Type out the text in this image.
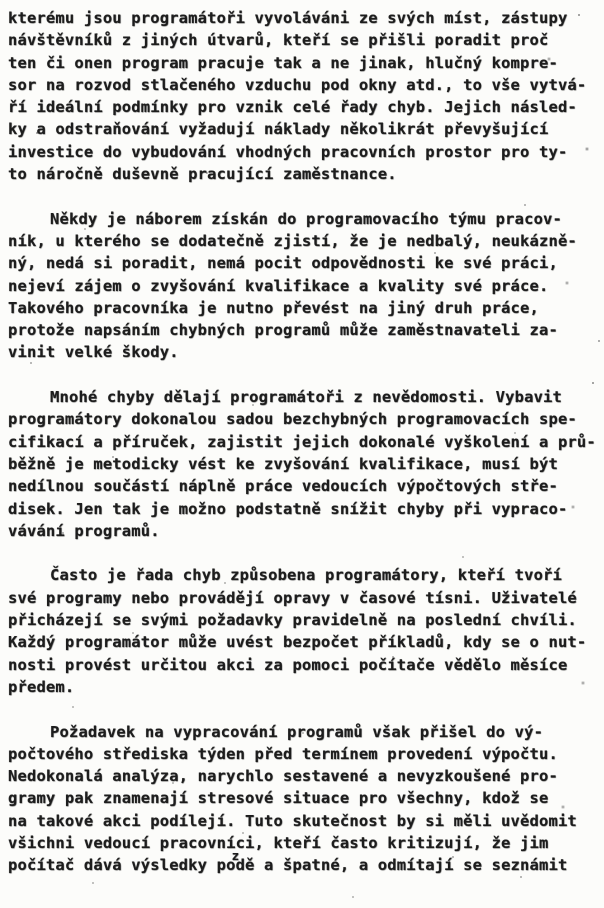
kterému jsou programátoři vyvoláváni ze svých míst, zástupy
návštěvníků z jiných útvarů, kteří se přišli poradit proč
ten či onen program pracuje tak a ne jinak, hlučný kompre-
sor na rozvod stlačeného vzduchu pod okny atd., to vše vytvá-
ří ideální podmínky pro vznik celé řady chyb. Jejich násled-
ky a odstraňování vyžadují náklady několikrát převyšující
investice do vybudování vhodných pracovních prostor pro ty-
to náročně duševně pracující zaměstnance.
Někdy je náborem získán do programovacího týmu pracov-
ník, u kterého se dodatečně zjistí, že je nedbalý, neukázně-
ný, nedá si poradit, nemá pocit odpovědnosti ke své práci,
nejeví zájem o zvyšování kvalifikace a kvality své práce.
Takového pracovníka je nutno převést na jiný druh práce,
protože napsáním chybných programů může zaměstnavateli za-
vinit velké škody.
Mnohé chyby dělají programátoři z nevědomosti. Vybavit
programátory dokonalou sadou bezchybných programovacích spe-
cifikací a příruček, zajistit jejich dokonalé vyškolení a prů-
běžně je metodicky vést ke zvyšování kvalifikace, musí být
nedílnou součástí náplně práce vedoucích výpočtových stře-
disek. Jen tak je možno podstatně snížit chyby při vypraco-
vávání programů.
Často je řada chyb způsobena programátory, kteří tvoří
své programy nebo provádějí opravy v časové tísni. Uživatelé
přicházejí se svými požadavky pravidelně na poslední chvíli.
Každý programátor může uvést bezpočet příkladů, kdy se o nut-
nosti provést určitou akci za pomoci počítače vědělo měsíce
předem.
Požadavek na vypracování programů však přišel do vý-
počtového střediska týden před termínem provedení výpočtu.
Nedokonalá analýza, narychlo sestavené a nevyzkoušené pro-
gramy pak znamenají stresové situace pro všechny, kdož se
na takové akci podílejí. Tuto skutečnost by si měli uvědomit
všichni vedoucí pracovníci, kteří často kritizují, že jim
počítač dává výsledky po
z
dě a špatné, a odmítají se seznámit
